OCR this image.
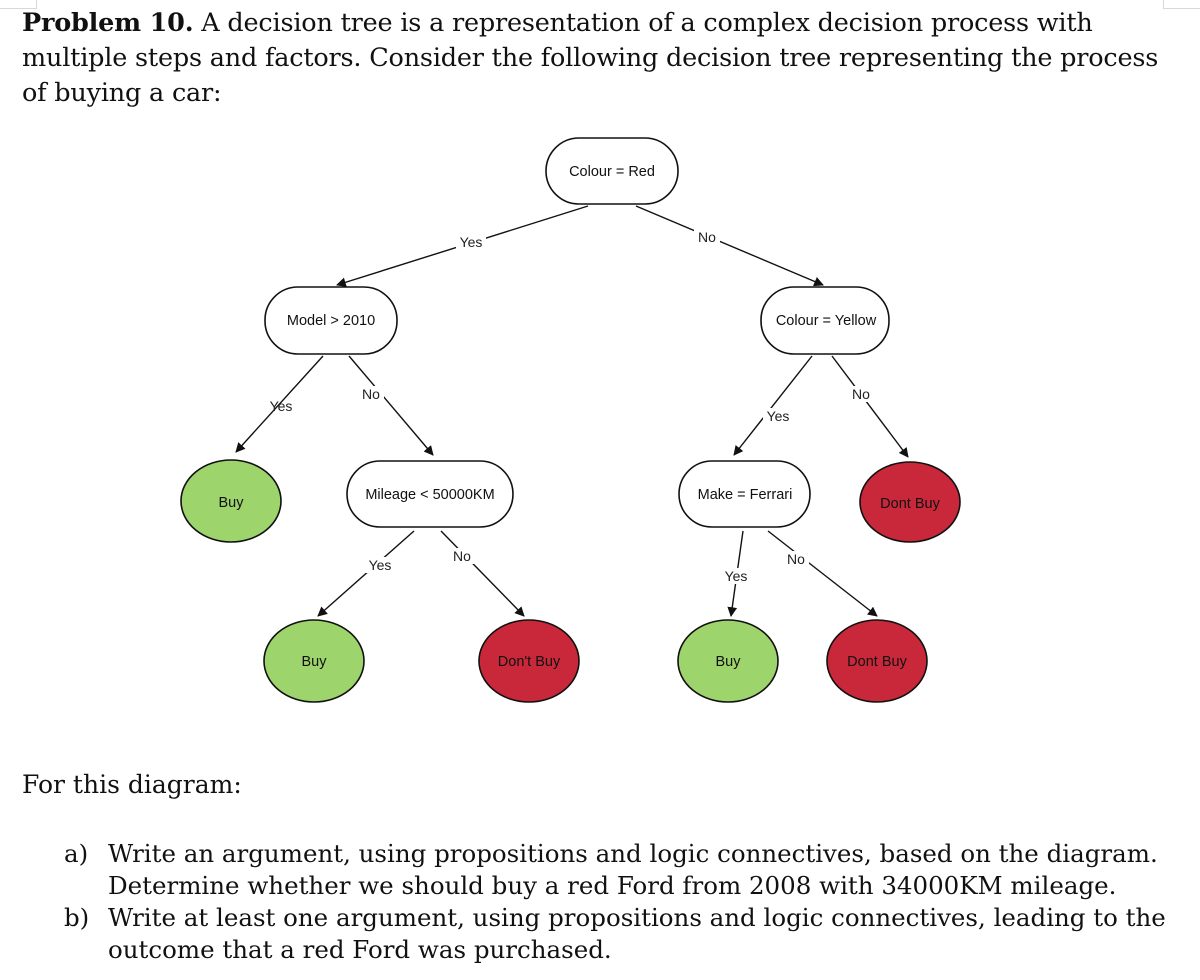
Problem 10. A decision tree is a representation of a complex decision process with multiple steps and factors. Consider the following decision tree representing the process of buying a car:
Yes	No
Yes
No
Yes
No
Yes
No
Yes
No
Colour = Red
Model > 2010	Colour = Yellow
Buy	Mileage < 50000KM	Make = Ferrari
Dont Buy
Buy	Don't Buy	Buy	Dont Buy
For this diagram:
a) Write an argument, using propositions and logic connectives, based on the diagram. Determine whether we should buy a red Ford from 2008 with 34000KM mileage.
b) Write at least one argument, using propositions and logic connectives, leading to the outcome that a red Ford was purchased.
